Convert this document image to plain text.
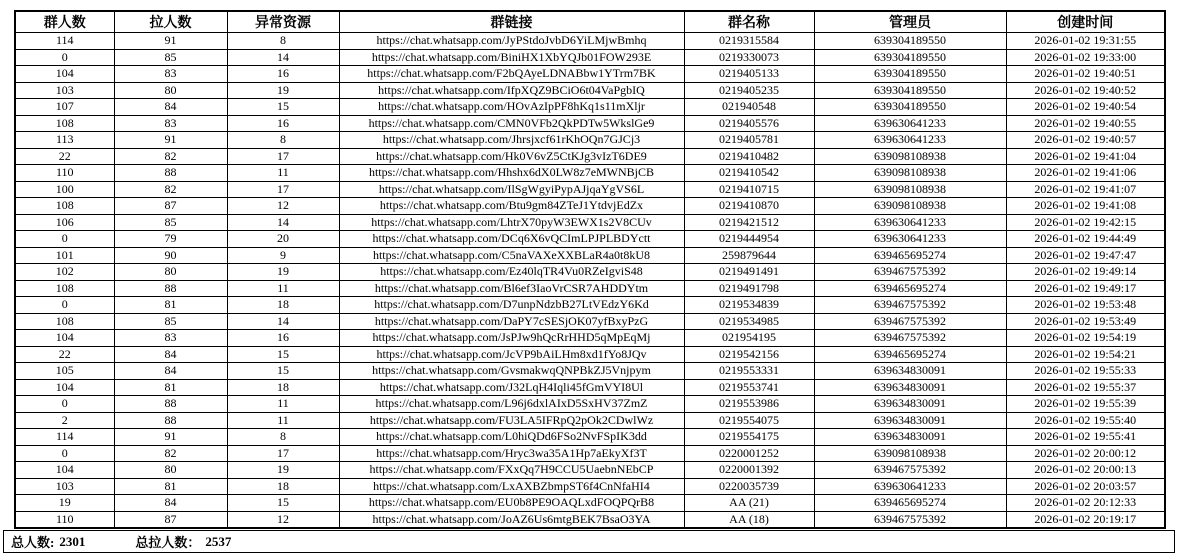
群人数	拉人数	异常资源	群链接	群名称	管理员	创建时间
114	91	8	https://chat.whatsapp.com/JyPStdoJvbD6YiLMjwBmhq	0219315584	639304189550	2026-01-02 19:31:55
0	85	14	https://chat.whatsapp.com/BiniHX1XbYQJb01FOW293E	0219330073	639304189550	2026-01-02 19:33:00
104	83	16	https://chat.whatsapp.com/F2bQAyeLDNABbw1YTrm7BK	0219405133	639304189550	2026-01-02 19:40:51
103	80	19	https://chat.whatsapp.com/IfpXQZ9BCiO6t04VaPgbIQ	0219405235	639304189550	2026-01-02 19:40:52
107	84	15	https://chat.whatsapp.com/HOvAzIpPF8hKq1s11mXljr	021940548	639304189550	2026-01-02 19:40:54
108	83	16	https://chat.whatsapp.com/CMN0VFb2QkPDTw5WkslGe9	0219405576	639630641233	2026-01-02 19:40:55
113	91	8	https://chat.whatsapp.com/Jhrsjxcf61rKhOQn7GJCj3	0219405781	639630641233	2026-01-02 19:40:57
22	82	17	https://chat.whatsapp.com/Hk0V6vZ5CtKJg3vIzT6DE9	0219410482	639098108938	2026-01-02 19:41:04
110	88	11	https://chat.whatsapp.com/Hhshx6dX0LW8z7eMWNBjCB	0219410542	639098108938	2026-01-02 19:41:06
100	82	17	https://chat.whatsapp.com/IlSgWgyiPypAJjqaYgVS6L	0219410715	639098108938	2026-01-02 19:41:07
108	87	12	https://chat.whatsapp.com/Btu9gm84ZTeJ1YtdvjEdZx	0219410870	639098108938	2026-01-02 19:41:08
106	85	14	https://chat.whatsapp.com/LhtrX70pyW3EWX1s2V8CUv	0219421512	639630641233	2026-01-02 19:42:15
0	79	20	https://chat.whatsapp.com/DCq6X6vQCImLPJPLBDYctt	0219444954	639630641233	2026-01-02 19:44:49
101	90	9	https://chat.whatsapp.com/C5naVAXeXXBLaR4a0t8kU8	259879644	639465695274	2026-01-02 19:47:47
102	80	19	https://chat.whatsapp.com/Ez40lqTR4Vu0RZeIgviS48	0219491491	639467575392	2026-01-02 19:49:14
108	88	11	https://chat.whatsapp.com/Bl6ef3IaoVrCSR7AHDDYtm	0219491798	639465695274	2026-01-02 19:49:17
0	81	18	https://chat.whatsapp.com/D7unpNdzbB27LtVEdzY6Kd	0219534839	639467575392	2026-01-02 19:53:48
108	85	14	https://chat.whatsapp.com/DaPY7cSESjOK07yfBxyPzG	0219534985	639467575392	2026-01-02 19:53:49
104	83	16	https://chat.whatsapp.com/JsPJw9hQcRrHHD5qMpEqMj	021954195	639467575392	2026-01-02 19:54:19
22	84	15	https://chat.whatsapp.com/JcVP9bAiLHm8xd1fYo8JQv	0219542156	639465695274	2026-01-02 19:54:21
105	84	15	https://chat.whatsapp.com/GvsmakwqQNPBkZJ5Vnjpym	0219553331	639634830091	2026-01-02 19:55:33
104	81	18	https://chat.whatsapp.com/J32LqH4Iqli45fGmVYI8Ul	0219553741	639634830091	2026-01-02 19:55:37
0	88	11	https://chat.whatsapp.com/L96j6dxlAIxD5SxHV37ZmZ	0219553986	639634830091	2026-01-02 19:55:39
2	88	11	https://chat.whatsapp.com/FU3LA5IFRpQ2pOk2CDwlWz	0219554075	639634830091	2026-01-02 19:55:40
114	91	8	https://chat.whatsapp.com/L0hiQDd6FSo2NvFSpIK3dd	0219554175	639634830091	2026-01-02 19:55:41
0	82	17	https://chat.whatsapp.com/Hryc3wa35A1Hp7aEkyXf3T	0220001252	639098108938	2026-01-02 20:00:12
104	80	19	https://chat.whatsapp.com/FXxQq7H9CCU5UaebnNEbCP	0220001392	639467575392	2026-01-02 20:00:13
103	81	18	https://chat.whatsapp.com/LxAXBZbmpST6f4CnNfaHI4	0220035739	639630641233	2026-01-02 20:03:57
19	84	15	https://chat.whatsapp.com/EU0b8PE9OAQLxdFOQPQrB8	AA (21)	639465695274	2026-01-02 20:12:33
110	87	12	https://chat.whatsapp.com/JoAZ6Us6mtgBEK7BsaO3YA	AA (18)	639467575392	2026-01-02 20:19:17
总人数: 2301	总拉人数： 2537
